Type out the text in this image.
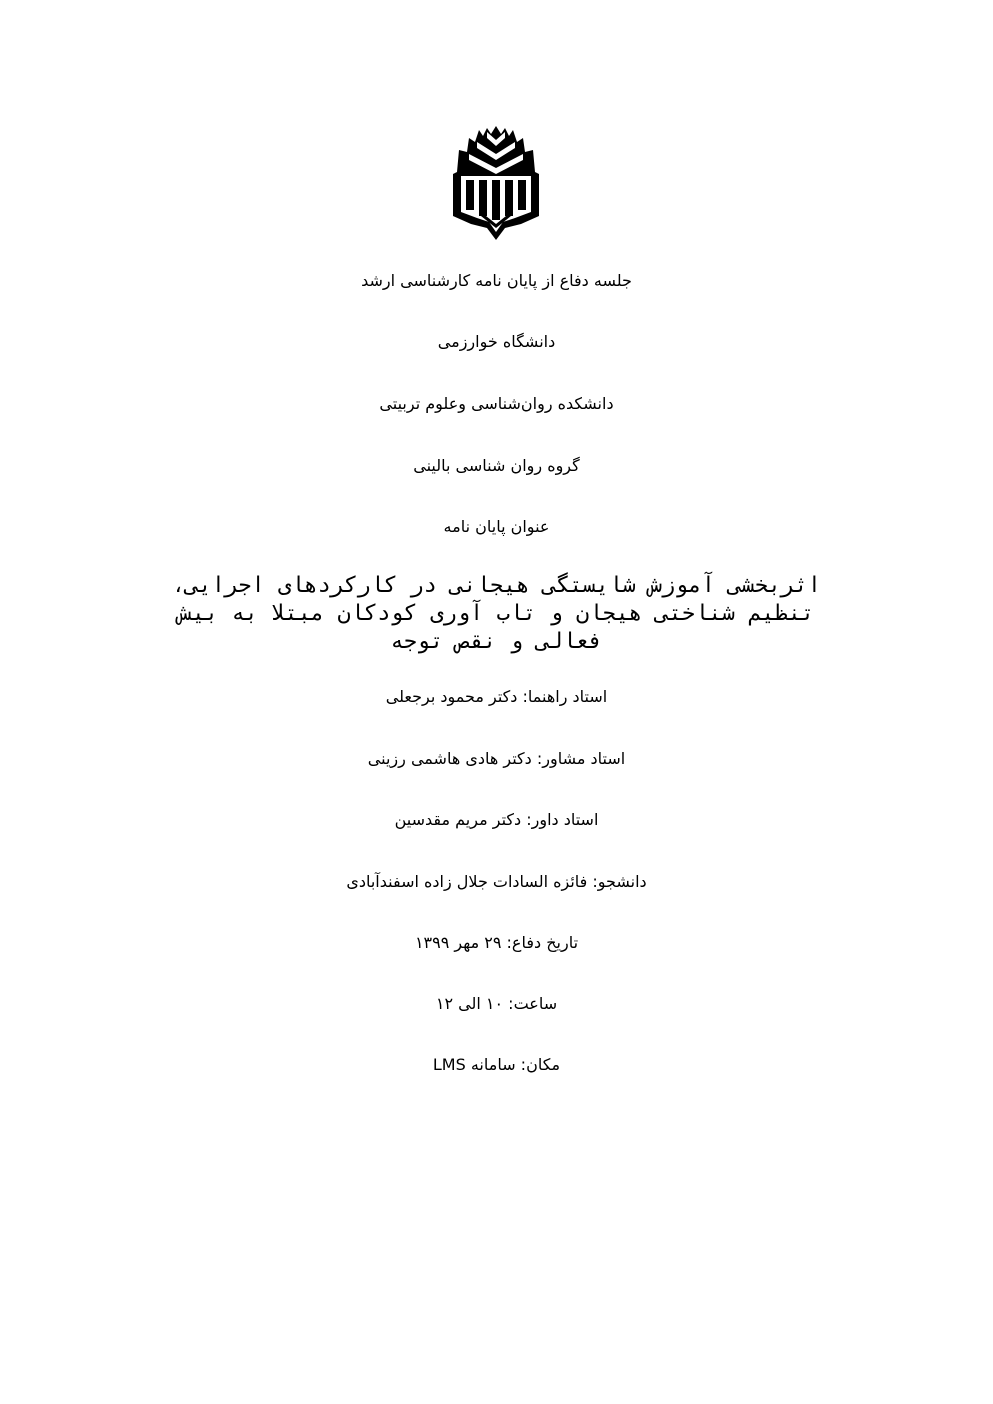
جلسه دفاع از پایان نامه کارشناسی ارشد
دانشگاه خوارزمی
دانشکده روان‌شناسی وعلوم تربیتی
گروه روان شناسی بالینی
عنوان پایان نامه
اثربخشی آموزش شایستگی هیجانی در کارکردهای اجرایی،
تنظیم شناختی هیجان و تاب آوری کودکان مبتلا به بیش
فعالی و نقص توجه
استاد راهنما: دکتر محمود برجعلی
استاد مشاور: دکتر هادی هاشمی رزینی
استاد داور: دکتر مریم مقدسین
دانشجو: فائزه السادات جلال زاده اسفندآبادی
تاریخ دفاع: ۲۹ مهر ۱۳۹۹
ساعت: ۱۰ الی ۱۲
مکان: سامانه LMS
